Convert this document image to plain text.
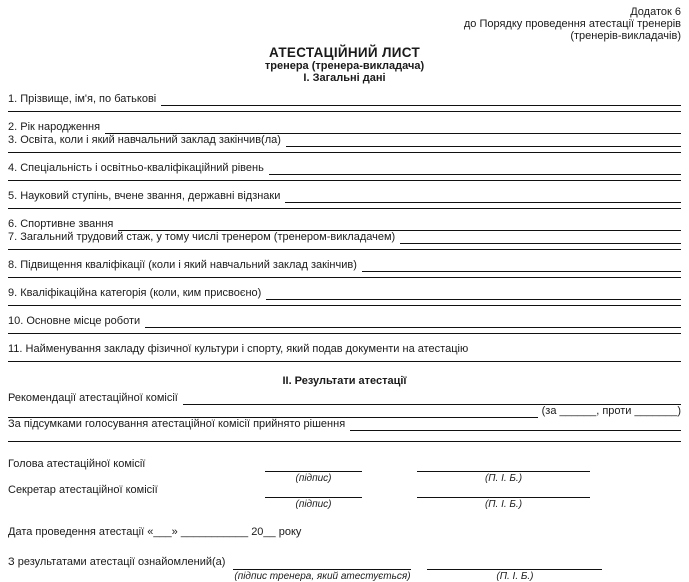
Додаток 6
до Порядку проведення атестації тренерів
(тренерів-викладачів)
АТЕСТАЦІЙНИЙ ЛИСТ
тренера (тренера-викладача)
І. Загальні дані
1. Прізвище, ім'я, по батькові
2. Рік народження
3. Освіта, коли і який навчальний заклад закінчив(ла)
4. Спеціальність і освітньо-кваліфікаційний рівень
5. Науковий ступінь, вчене звання, державні відзнаки
6. Спортивне звання
7. Загальний трудовий стаж, у тому числі тренером (тренером-викладачем)
8. Підвищення кваліфікації (коли і який навчальний заклад закінчив)
9. Кваліфікаційна категорія (коли, ким присвоєно)
10. Основне місце роботи
11. Найменування закладу фізичної культури і спорту, який подав документи на атестацію
ІІ. Результати атестації
Рекомендації атестаційної комісії
(за ______, проти _______)
За підсумками голосування атестаційної комісії прийнято рішення
Голова атестаційної комісії
(підпис)	(П. І. Б.)
Секретар атестаційної комісії
(підпис)	(П. І. Б.)
Дата проведення атестації «___» ___________ 20__ року
З результатами атестації ознайомлений(а)
(підпис тренера, який атестується)	(П. І. Б.)
